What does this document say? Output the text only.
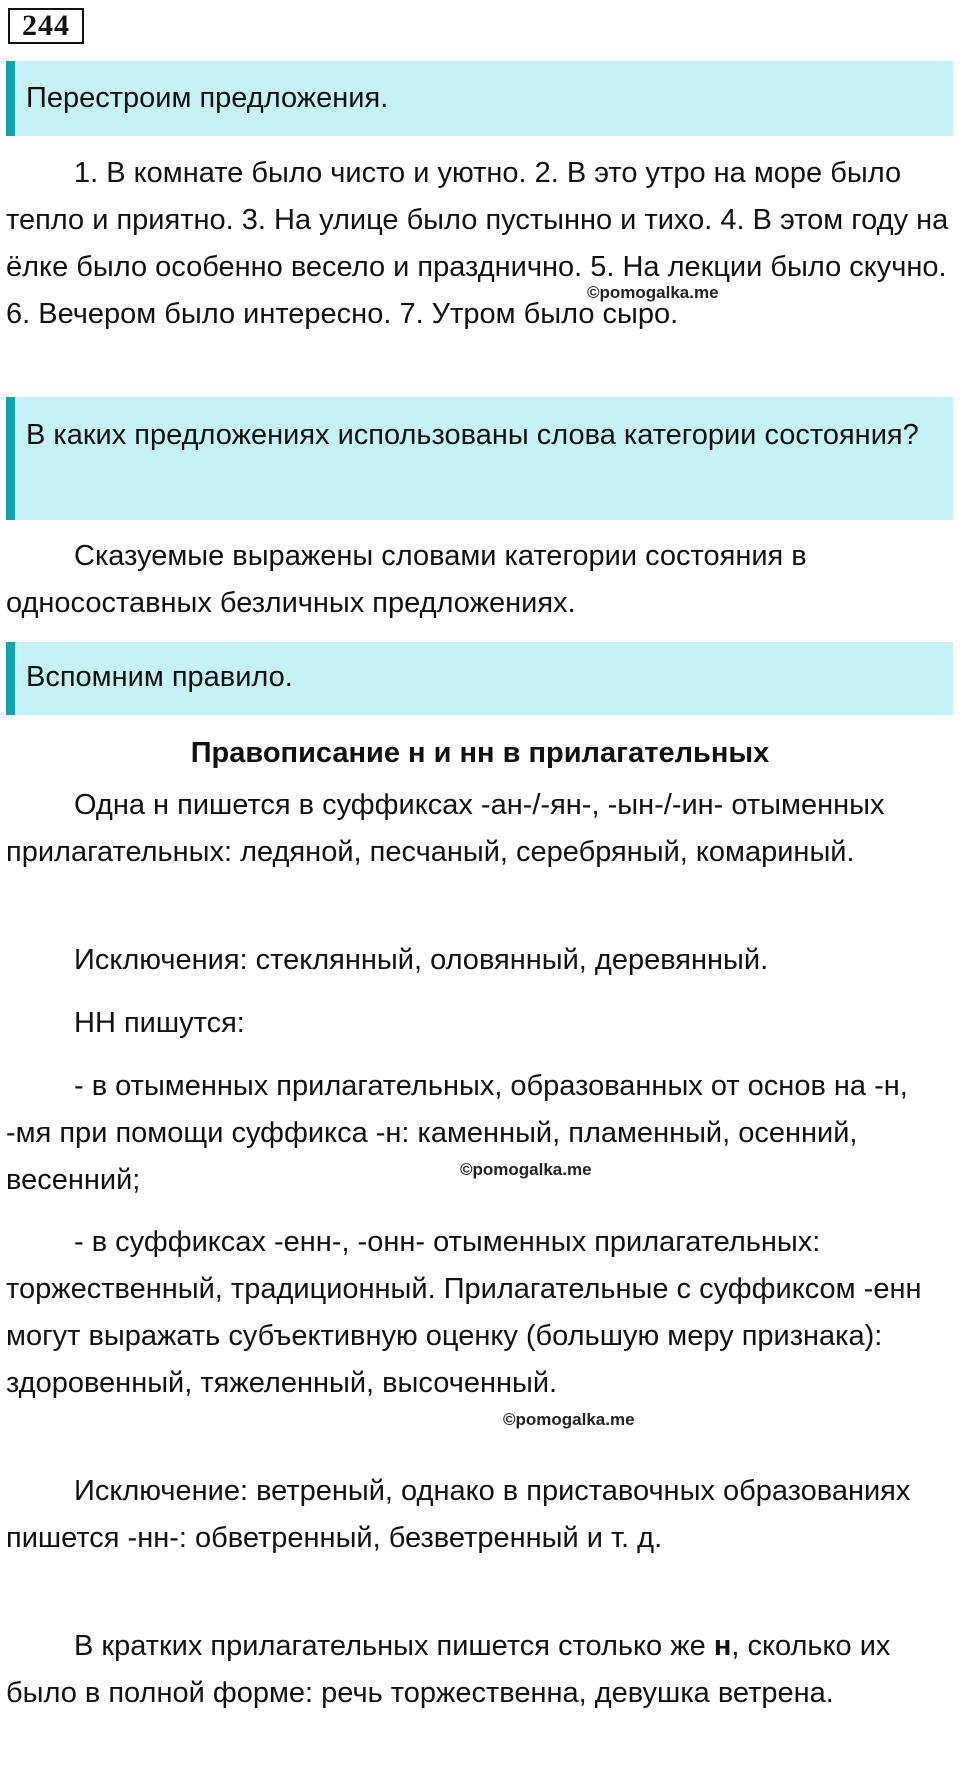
244
Перестроим предложения.

1. В комнате было чисто и уютно. 2. В это утро на море было тепло и приятно. 3. На улице было пустынно и тихо. 4. В этом году на ёлке было особенно весело и празднично. 5. На лекции было скучно. 6. Вечером было интересно. 7. Утром было сыро.

©pomogalka.me
В каких предложениях использованы слова категории состояния?

Сказуемые выражены словами категории состояния в односоставных безличных предложениях.

Вспомним правило.
Правописание н и нн в прилагательных

Одна н пишется в суффиксах -ан-/-ян-, -ын-/-ин- отыменных прилагательных: ледяной, песчаный, серебряный, комариный.

Исключения: стеклянный, оловянный, деревянный.

НН пишутся:

- в отыменных прилагательных, образованных от основ на -н, -мя при помощи суффикса -н: каменный, пламенный, осенний, весенний;	©pomogalka.me

- в суффиксах -енн-, -онн- отыменных прилагательных: торжественный, традиционный. Прилагательные с суффиксом -енн могут выражать субъективную оценку (большую меру признака): здоровенный, тяжеленный, высоченный.

©pomogalka.me

Исключение: ветреный, однако в приставочных образованиях пишется -нн-: обветренный, безветренный и т. д.

В кратких прилагательных пишется столько же н, сколько их было в полной форме: речь торжественна, девушка ветрена.
